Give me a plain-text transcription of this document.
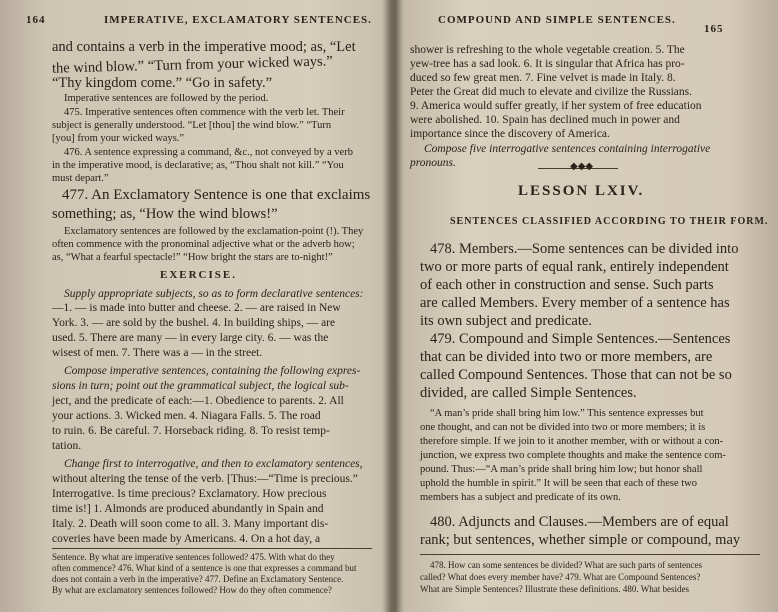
164	IMPERATIVE, EXCLAMATORY SENTENCES.
and contains a verb in the imperative mood; as, “Let
the wind blow.” “Turn from your wicked ways.”
“Thy kingdom come.” “Go in safety.”
Imperative sentences are followed by the period.
475. Imperative sentences often commence with the verb let. Their
subject is generally understood. “Let [thou] the wind blow.” “Turn
[you] from your wicked ways.”
476. A sentence expressing a command, &c., not conveyed by a verb
in the imperative mood, is declarative; as, “Thou shalt not kill.” “You
must depart.”
477. An Exclamatory Sentence is one that exclaims
something; as, “How the wind blows!”
Exclamatory sentences are followed by the exclamation-point (!). They
often commence with the pronominal adjective what or the adverb how;
as, “What a fearful spectacle!” “How bright the stars are to-night!”
EXERCISE.
Supply appropriate subjects, so as to form declarative sentences:
—1. — is made into butter and cheese. 2. — are raised in New
York. 3. — are sold by the bushel. 4. In building ships, — are
used. 5. There are many — in every large city. 6. — was the
wisest of men. 7. There was a — in the street.
Compose imperative sentences, containing the following expres-
sions in turn; point out the grammatical subject, the logical sub-
ject, and the predicate of each:—1. Obedience to parents. 2. All
your actions. 3. Wicked men. 4. Niagara Falls. 5. The road
to ruin. 6. Be careful. 7. Horseback riding. 8. To resist temp-
tation.
Change first to interrogative, and then to exclamatory sentences,
without altering the tense of the verb. [Thus:—“Time is precious.”
Interrogative. Is time precious? Exclamatory. How precious
time is!] 1. Almonds are produced abundantly in Spain and
Italy. 2. Death will soon come to all. 3. Many important dis-
coveries have been made by Americans. 4. On a hot day, a
Sentence. By what are imperative sentences followed? 475. With what do they
often commence? 476. What kind of a sentence is one that expresses a command but
does not contain a verb in the imperative? 477. Define an Exclamatory Sentence.
By what are exclamatory sentences followed? How do they often commence?
COMPOUND AND SIMPLE SENTENCES.
165
shower is refreshing to the whole vegetable creation. 5. The
yew-tree has a sad look. 6. It is singular that Africa has pro-
duced so few great men. 7. Fine velvet is made in Italy. 8.
Peter the Great did much to elevate and civilize the Russians.
9. America would suffer greatly, if her system of free education
were abolished. 10. Spain has declined much in power and
importance since the discovery of America.
Compose five interrogative sentences containing interrogative
pronouns.	◆◆◆
LESSON LXIV.
SENTENCES CLASSIFIED ACCORDING TO THEIR FORM.
478. Members.—Some sentences can be divided into
two or more parts of equal rank, entirely independent
of each other in construction and sense. Such parts
are called Members. Every member of a sentence has
its own subject and predicate.
479. Compound and Simple Sentences.—Sentences
that can be divided into two or more members, are
called Compound Sentences. Those that can not be so
divided, are called Simple Sentences.
“A man’s pride shall bring him low.” This sentence expresses but
one thought, and can not be divided into two or more members; it is
therefore simple. If we join to it another member, with or without a con-
junction, we express two complete thoughts and make the sentence com-
pound. Thus:—“A man’s pride shall bring him low; but honor shall
uphold the humble in spirit.” It will be seen that each of these two
members has a subject and predicate of its own.
480. Adjuncts and Clauses.—Members are of equal
rank; but sentences, whether simple or compound, may
478. How can some sentences be divided? What are such parts of sentences
called? What does every member have? 479. What are Compound Sentences?
What are Simple Sentences? Illustrate these definitions. 480. What besides
